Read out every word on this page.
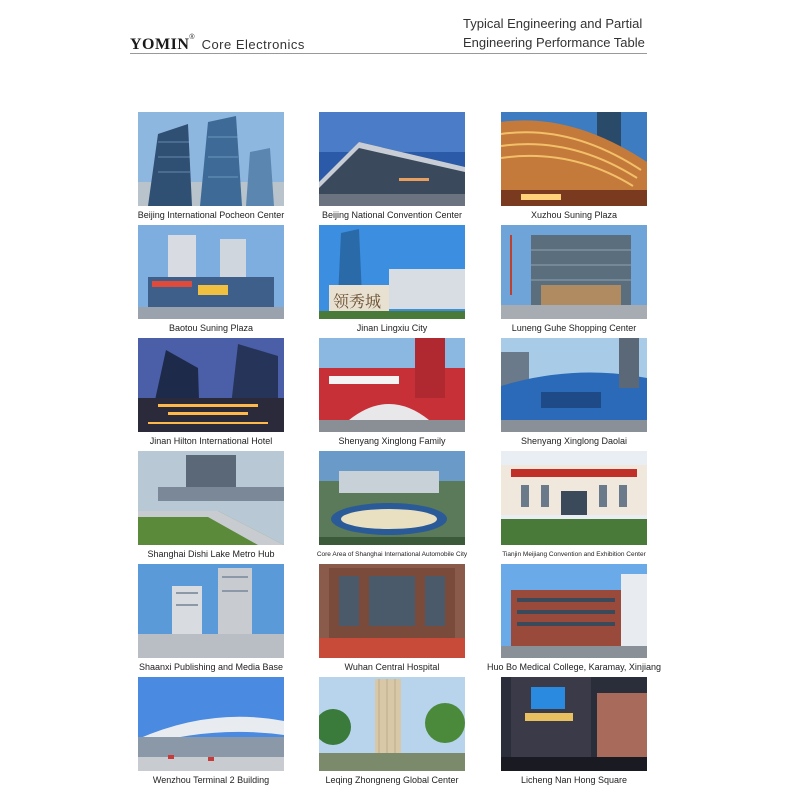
YOMIN® Core Electronics
Typical Engineering and Partial
Engineering Performance Table
Beijing International Pocheon Center	Beijing National Convention Center	Xuzhou Suning Plaza
Baotou Suning Plaza
领秀城
Jinan Lingxiu City	Luneng Guhe Shopping Center
Jinan Hilton International Hotel	Shenyang Xinglong Family	Shenyang Xinglong Daolai
Shanghai Dishi Lake Metro Hub	Core Area of Shanghai International Automobile City	Tianjin Meijiang Convention and Exhibition Center
Shaanxi Publishing and Media Base	Wuhan Central Hospital	Huo Bo Medical College, Karamay, Xinjiang
Wenzhou Terminal 2 Building	Leqing Zhongneng Global Center	Licheng Nan Hong Square
